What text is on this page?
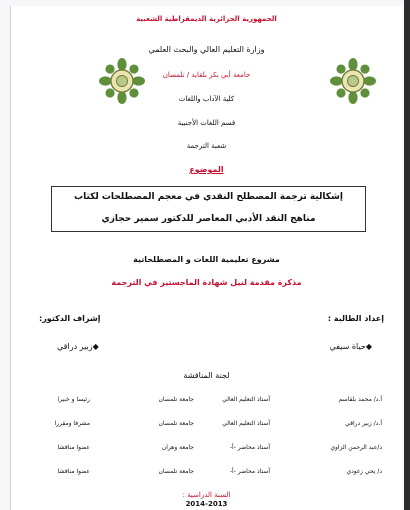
الجمهورية الجزائرية الديمقراطية الشعبية
وزارة التعليم العالي والبحث العلمي
جامعة أبي بكر بلقايد / تلمسان
كلية الآداب واللغات
قسم اللغات الأجنبية
شعبة الترجمة
الموضوع
إشكالية ترجمة المصطلح النقدي في معجم المصطلحات لكتاب
مناهج النقد الأدبي المعاصر للدكتور سمير حجازي
مشروع تعليمية اللغات و المصطلحاتية
مذكرة مقدمة لنيل شهادة الماجستير في الترجمة
إعداد الطالبة :
إشراف الدكتور:
◆حياة سيفي
◆زبير دراقي
لجنة المناقشة
أ.د/ محمد بلقاسم
أستاذ التعليم العالي
جامعة تلمسان
رئيسا و خبيرا
أ.د/ زبير دراقي
أستاذ التعليم العالي
جامعة تلمسان
مشرفا ومقررا
د/عبد الرحمن الزاوي
أستاذ محاضر -أ-
جامعة وهران
عضوا مناقشا
د/ يحي زغودي
أستاذ محاضر -أ-
جامعة تلمسان
عضوا مناقشا
السنة الدراسية :
2014-2013
